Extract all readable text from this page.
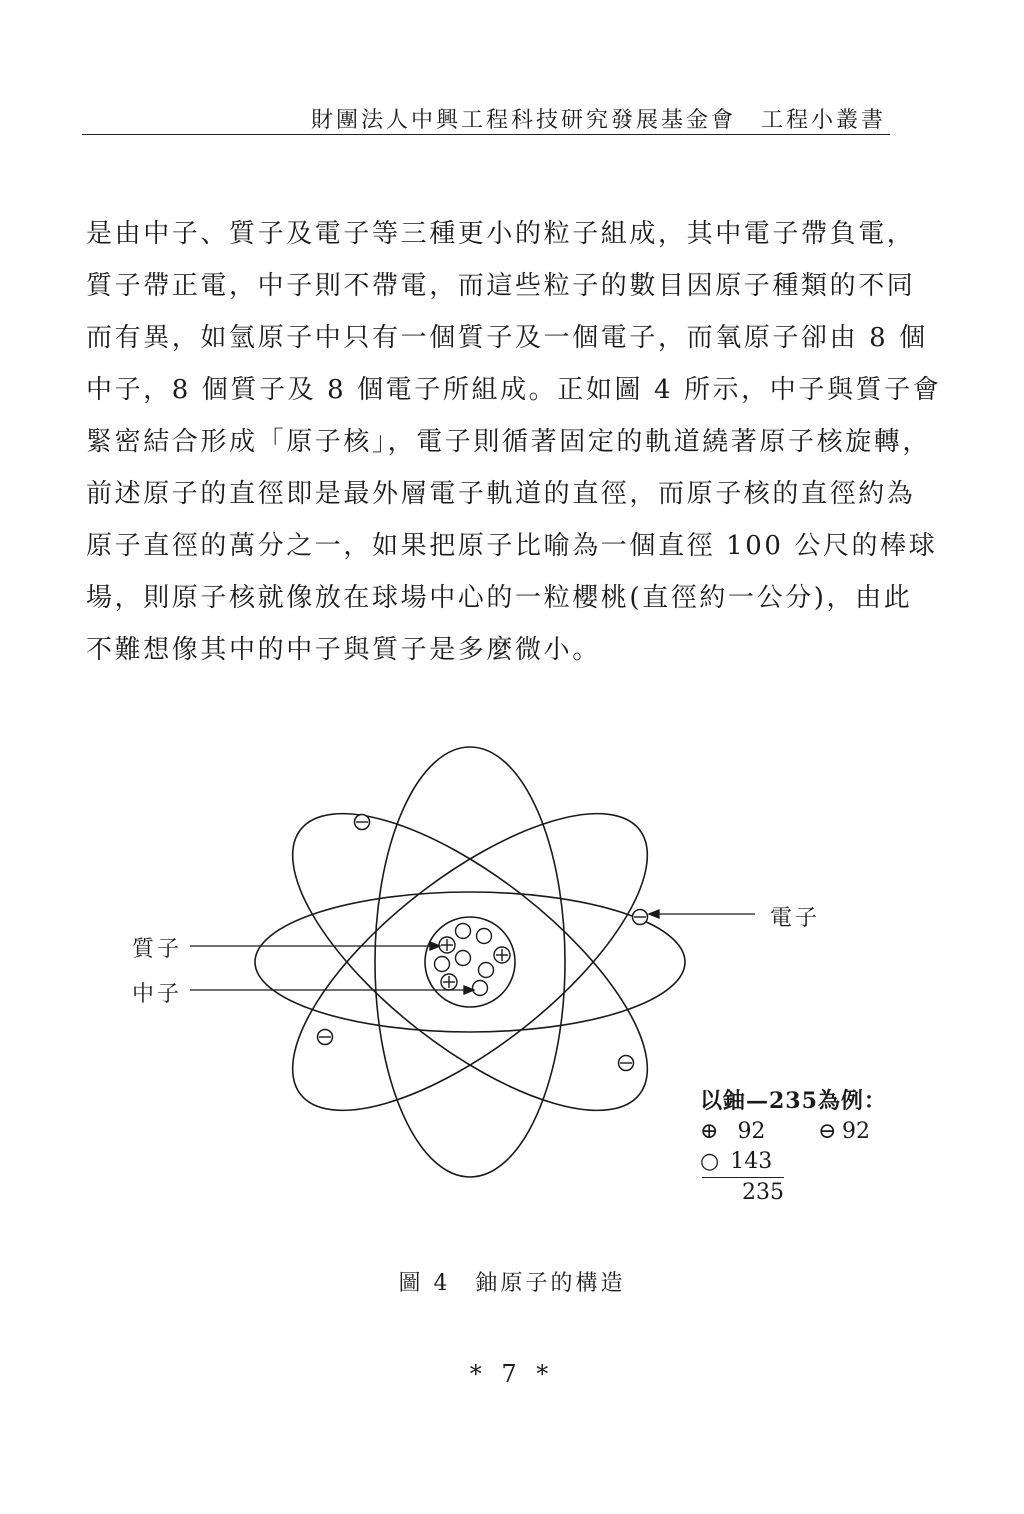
財團法人中興工程科技研究發展基金會　工程小叢書
是由中子、質子及電子等三種更小的粒子組成，其中電子帶負電，
質子帶正電，中子則不帶電，而這些粒子的數目因原子種類的不同
而有異，如氫原子中只有一個質子及一個電子，而氧原子卻由 8 個
中子，8 個質子及 8 個電子所組成。正如圖 4 所示，中子與質子會
緊密結合形成「原子核」，電子則循著固定的軌道繞著原子核旋轉，
前述原子的直徑即是最外層電子軌道的直徑，而原子核的直徑約為
原子直徑的萬分之一，如果把原子比喻為一個直徑 100 公尺的棒球
場，則原子核就像放在球場中心的一粒櫻桃(直徑約一公分)，由此
不難想像其中的中子與質子是多麼微小。
質子
中子
電子
以鈾—235為例：
⊕ 92 ⊖ 92
○ 143
235
圖 4　鈾原子的構造
* 7 *
